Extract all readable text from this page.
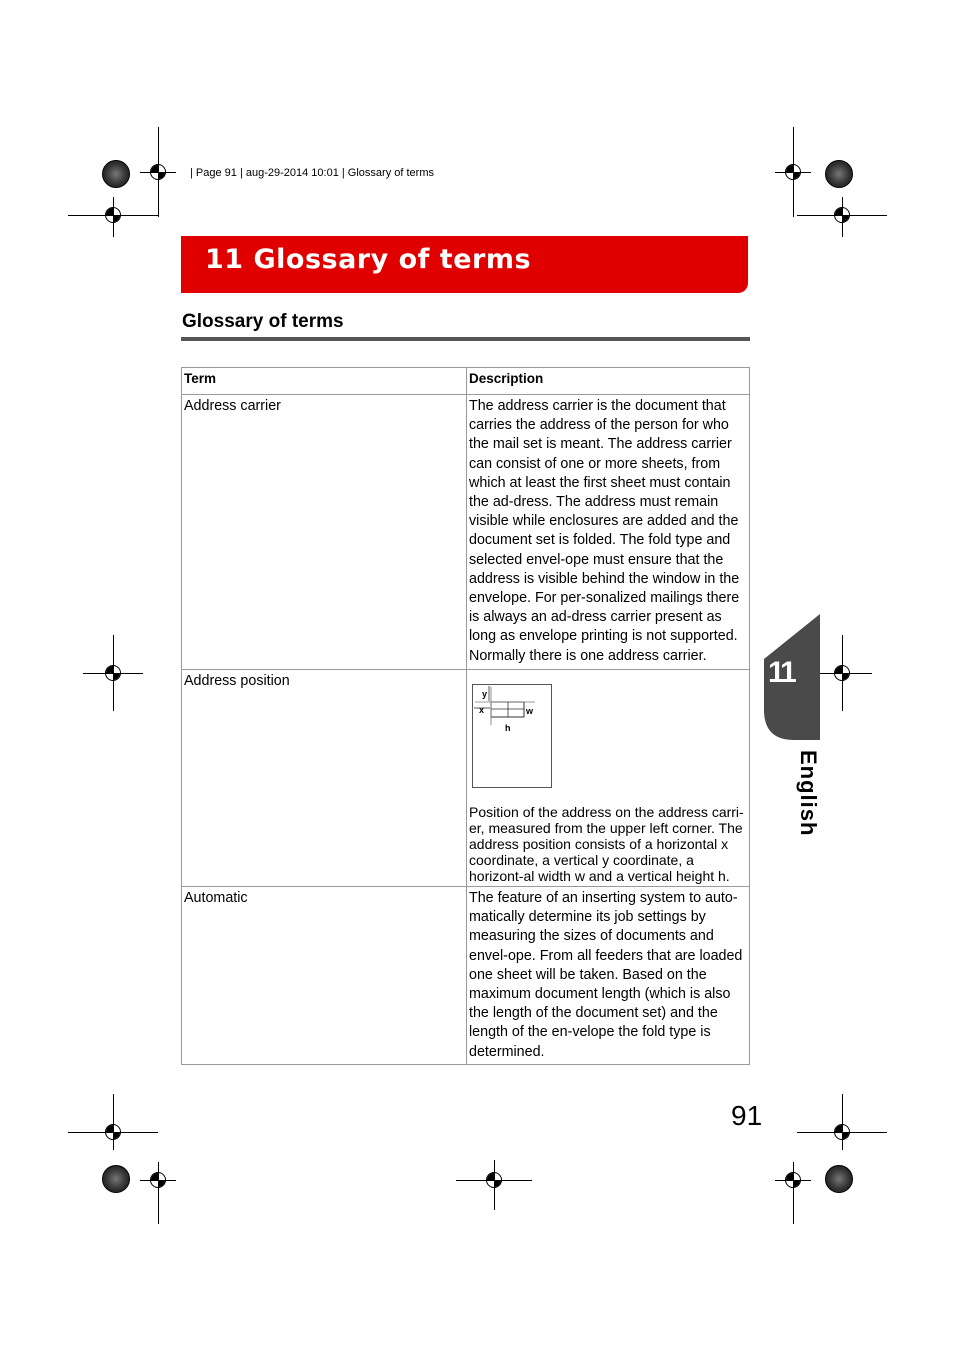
| Page 91 | aug-29-2014 10:01 | Glossary of terms
11 Glossary of terms
Glossary of terms
Term	Description
Address carrier	The address carrier is the document that carries the address of the person for who the mail set is meant. The address carrier can consist of one or more sheets, from which at least the first sheet must contain the ad-dress. The address must remain visible while enclosures are added and the document set is folded. The fold type and selected envel-ope must ensure that the address is visible behind the window in the envelope. For per-sonalized mailings there is always an ad-dress carrier present as long as envelope printing is not supported. Normally there is one address carrier.
Address position	y
x w
h
Position of the address on the address carri-er, measured from the upper left corner. The address position consists of a horizontal x coordinate, a vertical y coordinate, a horizont-al width w and a vertical height h.

Automatic	The feature of an inserting system to auto-matically determine its job settings by measuring the sizes of documents and envel-ope. From all feeders that are loaded one sheet will be taken. Based on the maximum document length (which is also the length of the document set) and the length of the en-velope the fold type is determined.
11
English
91
